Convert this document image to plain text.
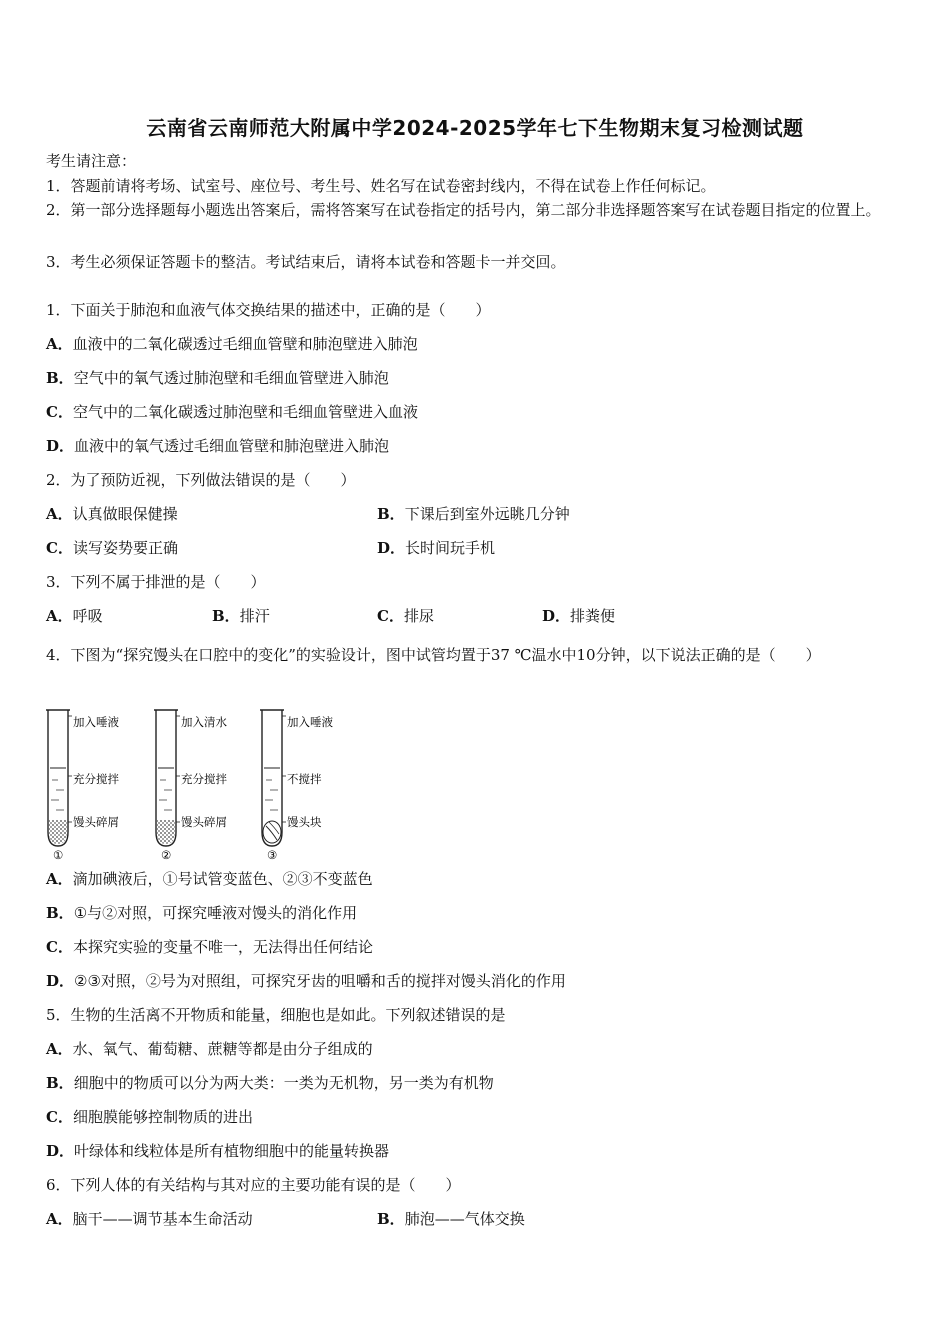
云南省云南师范大附属中学2024-2025学年七下生物期末复习检测试题
考生请注意：
1．答题前请将考场、试室号、座位号、考生号、姓名写在试卷密封线内，不得在试卷上作任何标记。
2．第一部分选择题每小题选出答案后，需将答案写在试卷指定的括号内，第二部分非选择题答案写在试卷题目指定的位置上。
3．考生必须保证答题卡的整洁。考试结束后，请将本试卷和答题卡一并交回。
1．下面关于肺泡和血液气体交换结果的描述中，正确的是（　　）
A．血液中的二氧化碳透过毛细血管壁和肺泡壁进入肺泡
B．空气中的氧气透过肺泡壁和毛细血管壁进入肺泡
C．空气中的二氧化碳透过肺泡壁和毛细血管壁进入血液
D．血液中的氧气透过毛细血管壁和肺泡壁进入肺泡
2．为了预防近视，下列做法错误的是（　　）
A．认真做眼保健操	B．下课后到室外远眺几分钟
C．读写姿势要正确	D．长时间玩手机
3．下列不属于排泄的是（　　）
A．呼吸	B．排汗	C．排尿	D．排粪便
4．下图为“探究馒头在口腔中的变化”的实验设计，图中试管均置于37 ℃温水中10分钟，以下说法正确的是（　　）
加入唾液
充分搅拌
馒头碎屑
①
加入清水
充分搅拌
馒头碎屑
②
加入唾液
不搅拌
馒头块
③
A．滴加碘液后，①号试管变蓝色、②③不变蓝色
B．①与②对照，可探究唾液对馒头的消化作用
C．本探究实验的变量不唯一，无法得出任何结论
D．②③对照，②号为对照组，可探究牙齿的咀嚼和舌的搅拌对馒头消化的作用
5．生物的生活离不开物质和能量，细胞也是如此。下列叙述错误的是
A．水、氧气、葡萄糖、蔗糖等都是由分子组成的
B．细胞中的物质可以分为两大类：一类为无机物，另一类为有机物
C．细胞膜能够控制物质的进出
D．叶绿体和线粒体是所有植物细胞中的能量转换器
6．下列人体的有关结构与其对应的主要功能有误的是（　　）
A．脑干——调节基本生命活动	B．肺泡——气体交换
